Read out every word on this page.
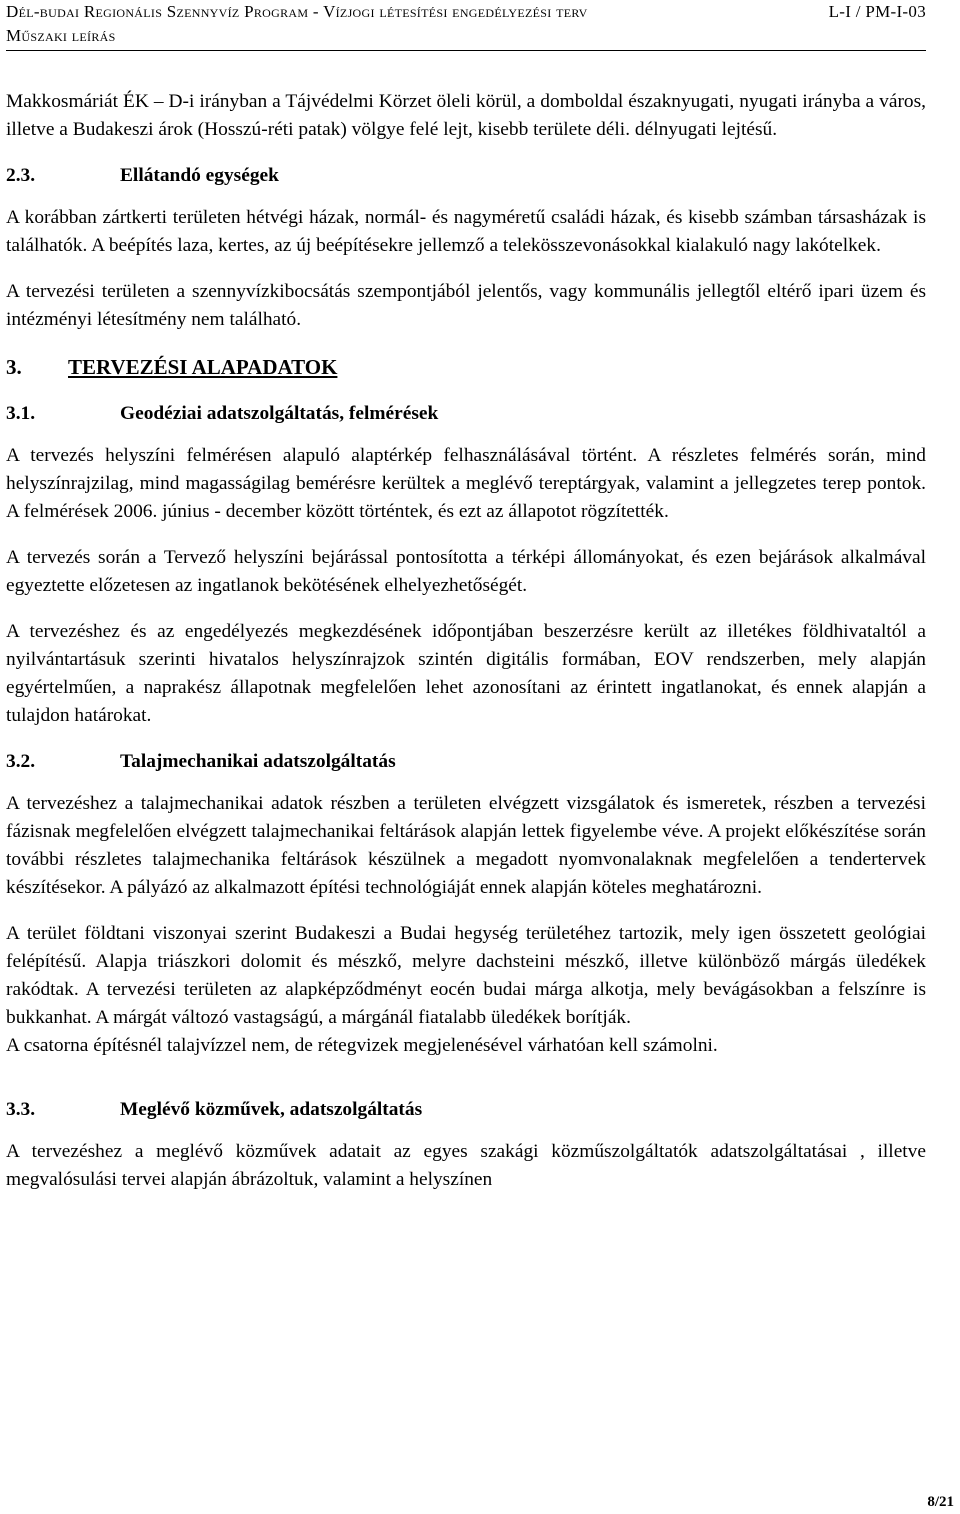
Dél-budai Regionális Szennyvíz Program - Vízjogi létesítési engedélyezési terv	L-I / PM-I-03
Műszaki leírás

Makkosmáriát ÉK – D-i irányban a Tájvédelmi Körzet öleli körül, a domboldal északnyugati, nyugati irányba a város, illetve a Budakeszi árok (Hosszú-réti patak) völgye felé lejt, kisebb területe déli. délnyugati lejtésű.

2.3.	Ellátandó egységek

A korábban zártkerti területen hétvégi házak, normál- és nagyméretű családi házak, és kisebb számban társasházak is találhatók. A beépítés laza, kertes, az új beépítésekre jellemző a telekösszevonásokkal kialakuló nagy lakótelkek.

A tervezési területen a szennyvízkibocsátás szempontjából jelentős, vagy kommunális jellegtől eltérő ipari üzem és intézményi létesítmény nem található.

3.	TERVEZÉSI ALAPADATOK
3.1.	Geodéziai adatszolgáltatás, felmérések

A tervezés helyszíni felmérésen alapuló alaptérkép felhasználásával történt. A részletes felmérés során, mind helyszínrajzilag, mind magasságilag bemérésre kerültek a meglévő tereptárgyak, valamint a jellegzetes terep pontok. A felmérések 2006. június - december között történtek, és ezt az állapotot rögzítették.

A tervezés során a Tervező helyszíni bejárással pontosította a térképi állományokat, és ezen bejárások alkalmával egyeztette előzetesen az ingatlanok bekötésének elhelyezhetőségét.

A tervezéshez és az engedélyezés megkezdésének időpontjában beszerzésre került az illetékes földhivataltól a nyilvántartásuk szerinti hivatalos helyszínrajzok szintén digitális formában, EOV rendszerben, mely alapján egyértelműen, a naprakész állapotnak megfelelően lehet azonosítani az érintett ingatlanokat, és ennek alapján a tulajdon határokat.

3.2.	Talajmechanikai adatszolgáltatás

A tervezéshez a talajmechanikai adatok részben a területen elvégzett vizsgálatok és ismeretek, részben a tervezési fázisnak megfelelően elvégzett talajmechanikai feltárások alapján lettek figyelembe véve. A projekt előkészítése során további részletes talajmechanika feltárások készülnek a megadott nyomvonalaknak megfelelően a tendertervek készítésekor. A pályázó az alkalmazott építési technológiáját ennek alapján köteles meghatározni.

A terület földtani viszonyai szerint Budakeszi a Budai hegység területéhez tartozik, mely igen összetett geológiai felépítésű. Alapja triászkori dolomit és mészkő, melyre dachsteini mészkő, illetve különböző márgás üledékek rakódtak. A tervezési területen az alapképződményt eocén budai márga alkotja, mely bevágásokban a felszínre is bukkanhat. A márgát változó vastagságú, a márgánál fiatalabb üledékek borítják.

A csatorna építésnél talajvízzel nem, de rétegvizek megjelenésével várhatóan kell számolni.

3.3.	Meglévő közművek, adatszolgáltatás

A tervezéshez a meglévő közművek adatait az egyes szakági közműszolgáltatók adatszolgáltatásai , illetve megvalósulási tervei alapján ábrázoltuk, valamint a helyszínen

8/21
